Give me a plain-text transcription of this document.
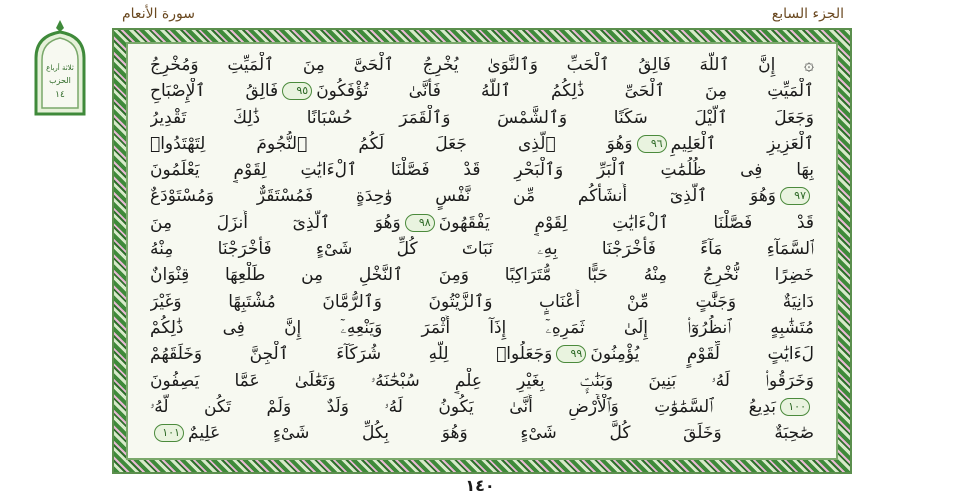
سورة الأنعام	الجزء السابع
ثلاثة أرباع
الحزب
١٤
۞ إِنَّ ٱللَّهَ فَالِقُ ٱلْحَبِّ وَٱلنَّوَىٰ يُخْرِجُ ٱلْحَىَّ مِنَ ٱلْمَيِّتِ وَمُخْرِجُ
ٱلْمَيِّتِ مِنَ ٱلْحَىِّ ذَٰلِكُمُ ٱللَّهُ فَأَنَّىٰ تُؤْفَكُونَ٩٥فَالِقُ ٱلْإِصْبَاحِ
وَجَعَلَ ٱلَّيْلَ سَكَنًا وَٱلشَّمْسَ وَٱلْقَمَرَ حُسْبَانًا ذَٰلِكَ تَقْدِيرُ
ٱلْعَزِيزِ ٱلْعَلِيمِ٩٦وَهُوَ ٱلَّذِى جَعَلَ لَكُمُ ٱلنُّجُومَ لِتَهْتَدُوا۟
بِهَا فِى ظُلُمَٰتِ ٱلْبَرِّ وَٱلْبَحْرِ قَدْ فَصَّلْنَا ٱلْءَايَٰتِ لِقَوْمٍ يَعْلَمُونَ
٩٧وَهُوَ ٱلَّذِىٓ أَنشَأَكُم مِّن نَّفْسٍ وَٰحِدَةٍ فَمُسْتَقَرٌّ وَمُسْتَوْدَعٌ
قَدْ فَصَّلْنَا ٱلْءَايَٰتِ لِقَوْمٍ يَفْقَهُونَ٩٨وَهُوَ ٱلَّذِىٓ أَنزَلَ مِنَ
ٱلسَّمَآءِ مَآءً فَأَخْرَجْنَا بِهِۦ نَبَاتَ كُلِّ شَىْءٍ فَأَخْرَجْنَا مِنْهُ
خَضِرًا نُّخْرِجُ مِنْهُ حَبًّا مُّتَرَاكِبًا وَمِنَ ٱلنَّخْلِ مِن طَلْعِهَا قِنْوَانٌ
دَانِيَةٌ وَجَنَّٰتٍ مِّنْ أَعْنَابٍ وَٱلزَّيْتُونَ وَٱلرُّمَّانَ مُشْتَبِهًا وَغَيْرَ
مُتَشَٰبِهٍ ٱنظُرُوٓا۟ إِلَىٰ ثَمَرِهِۦٓ إِذَآ أَثْمَرَ وَيَنْعِهِۦٓ إِنَّ فِى ذَٰلِكُمْ
لَءَايَٰتٍ لِّقَوْمٍ يُؤْمِنُونَ٩٩وَجَعَلُوا۟ لِلَّهِ شُرَكَآءَ ٱلْجِنَّ وَخَلَقَهُمْ
وَخَرَقُوا۟ لَهُۥ بَنِينَ وَبَنَٰتٍۭ بِغَيْرِ عِلْمٍ سُبْحَٰنَهُۥ وَتَعَٰلَىٰ عَمَّا يَصِفُونَ
١٠٠بَدِيعُ ٱلسَّمَٰوَٰتِ وَٱلْأَرْضِ أَنَّىٰ يَكُونُ لَهُۥ وَلَدٌ وَلَمْ تَكُن لَّهُۥ
صَٰحِبَةٌ وَخَلَقَ كُلَّ شَىْءٍ وَهُوَ بِكُلِّ شَىْءٍ عَلِيمٌ١٠١
١٤٠
